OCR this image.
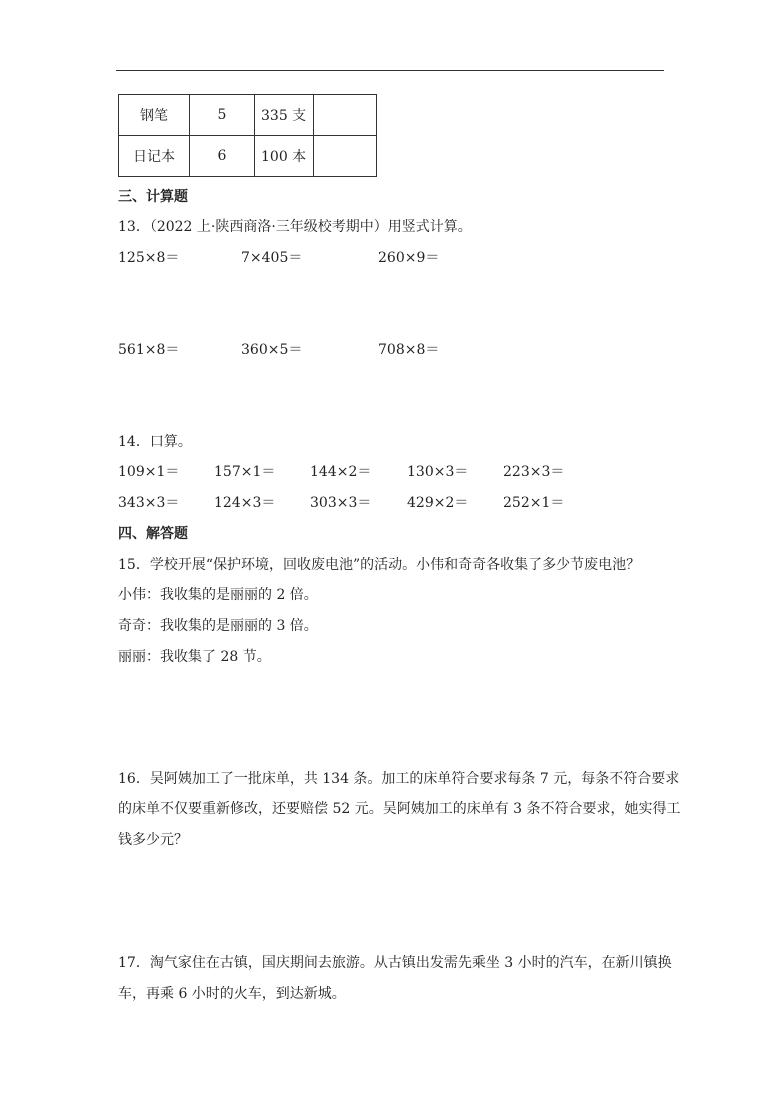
钢笔	5	335 支	
日记本	6	100 本	
三、计算题
13．（2022 上·陕西商洛·三年级校考期中）用竖式计算。
125×8＝	7×405＝	260×9＝
561×8＝	360×5＝	708×8＝
14．口算。
109×1＝ 157×1＝ 144×2＝	130×3＝ 223×3＝
343×3＝ 124×3＝ 303×3＝	429×2＝ 252×1＝
四、解答题
15．学校开展“保护环境，回收废电池”的活动。小伟和奇奇各收集了多少节废电池？
小伟：我收集的是丽丽的 2 倍。
奇奇：我收集的是丽丽的 3 倍。
丽丽：我收集了 28 节。
16．吴阿姨加工了一批床单，共 134 条。加工的床单符合要求每条 7 元，每条不符合要求
的床单不仅要重新修改，还要赔偿 52 元。吴阿姨加工的床单有 3 条不符合要求，她实得工
钱多少元？
17．淘气家住在古镇，国庆期间去旅游。从古镇出发需先乘坐 3 小时的汽车，在新川镇换
车，再乘 6 小时的火车，到达新城。
